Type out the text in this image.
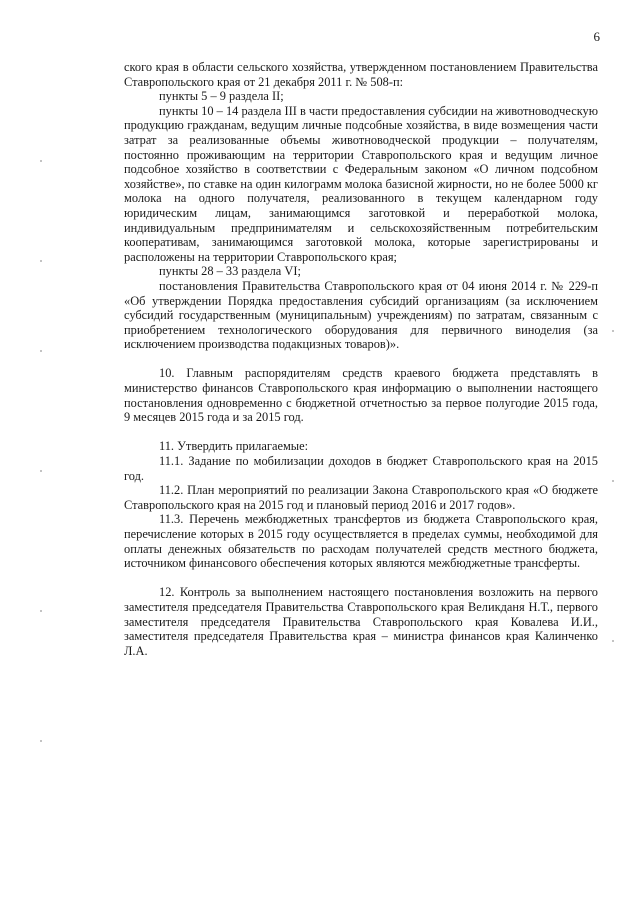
6

ского края в области сельского хозяйства, утвержденном постановлением Правительства Ставропольского края от 21 декабря 2011 г. № 508-п:

пункты 5 – 9 раздела II;

пункты 10 – 14 раздела III в части предоставления субсидии на животноводческую продукцию гражданам, ведущим личные подсобные хозяйства, в виде возмещения части затрат за реализованные объемы животноводческой продукции – получателям, постоянно проживающим на территории Ставропольского края и ведущим личное подсобное хозяйство в соответствии с Федеральным законом «О личном подсобном хозяйстве», по ставке на один килограмм молока базисной жирности, но не более 5000 кг молока на одного получателя, реализованного в текущем календарном году юридическим лицам, занимающимся заготовкой и переработкой молока, индивидуальным предпринимателям и сельскохозяйственным потребительским кооперативам, занимающимся заготовкой молока, которые зарегистрированы и расположены на территории Ставропольского края;

пункты 28 – 33 раздела VI;

постановления Правительства Ставропольского края от 04 июня 2014 г. № 229-п «Об утверждении Порядка предоставления субсидий организациям (за исключением субсидий государственным (муниципальным) учреждениям) по затратам, связанным с приобретением технологического оборудования для первичного виноделия (за исключением производства подакцизных товаров)».

10. Главным распорядителям средств краевого бюджета представлять в министерство финансов Ставропольского края информацию о выполнении настоящего постановления одновременно с бюджетной отчетностью за первое полугодие 2015 года, 9 месяцев 2015 года и за 2015 год.

11. Утвердить прилагаемые:

11.1. Задание по мобилизации доходов в бюджет Ставропольского края на 2015 год.

11.2. План мероприятий по реализации Закона Ставропольского края «О бюджете Ставропольского края на 2015 год и плановый период 2016 и 2017 годов».

11.3. Перечень межбюджетных трансфертов из бюджета Ставропольского края, перечисление которых в 2015 году осуществляется в пределах суммы, необходимой для оплаты денежных обязательств по расходам получателей средств местного бюджета, источником финансового обеспечения которых являются межбюджетные трансферты.

12. Контроль за выполнением настоящего постановления возложить на первого заместителя председателя Правительства Ставропольского края Великданя Н.Т., первого заместителя председателя Правительства Ставропольского края Ковалева И.И., заместителя председателя Правительства края – министра финансов края Калинченко Л.А.
